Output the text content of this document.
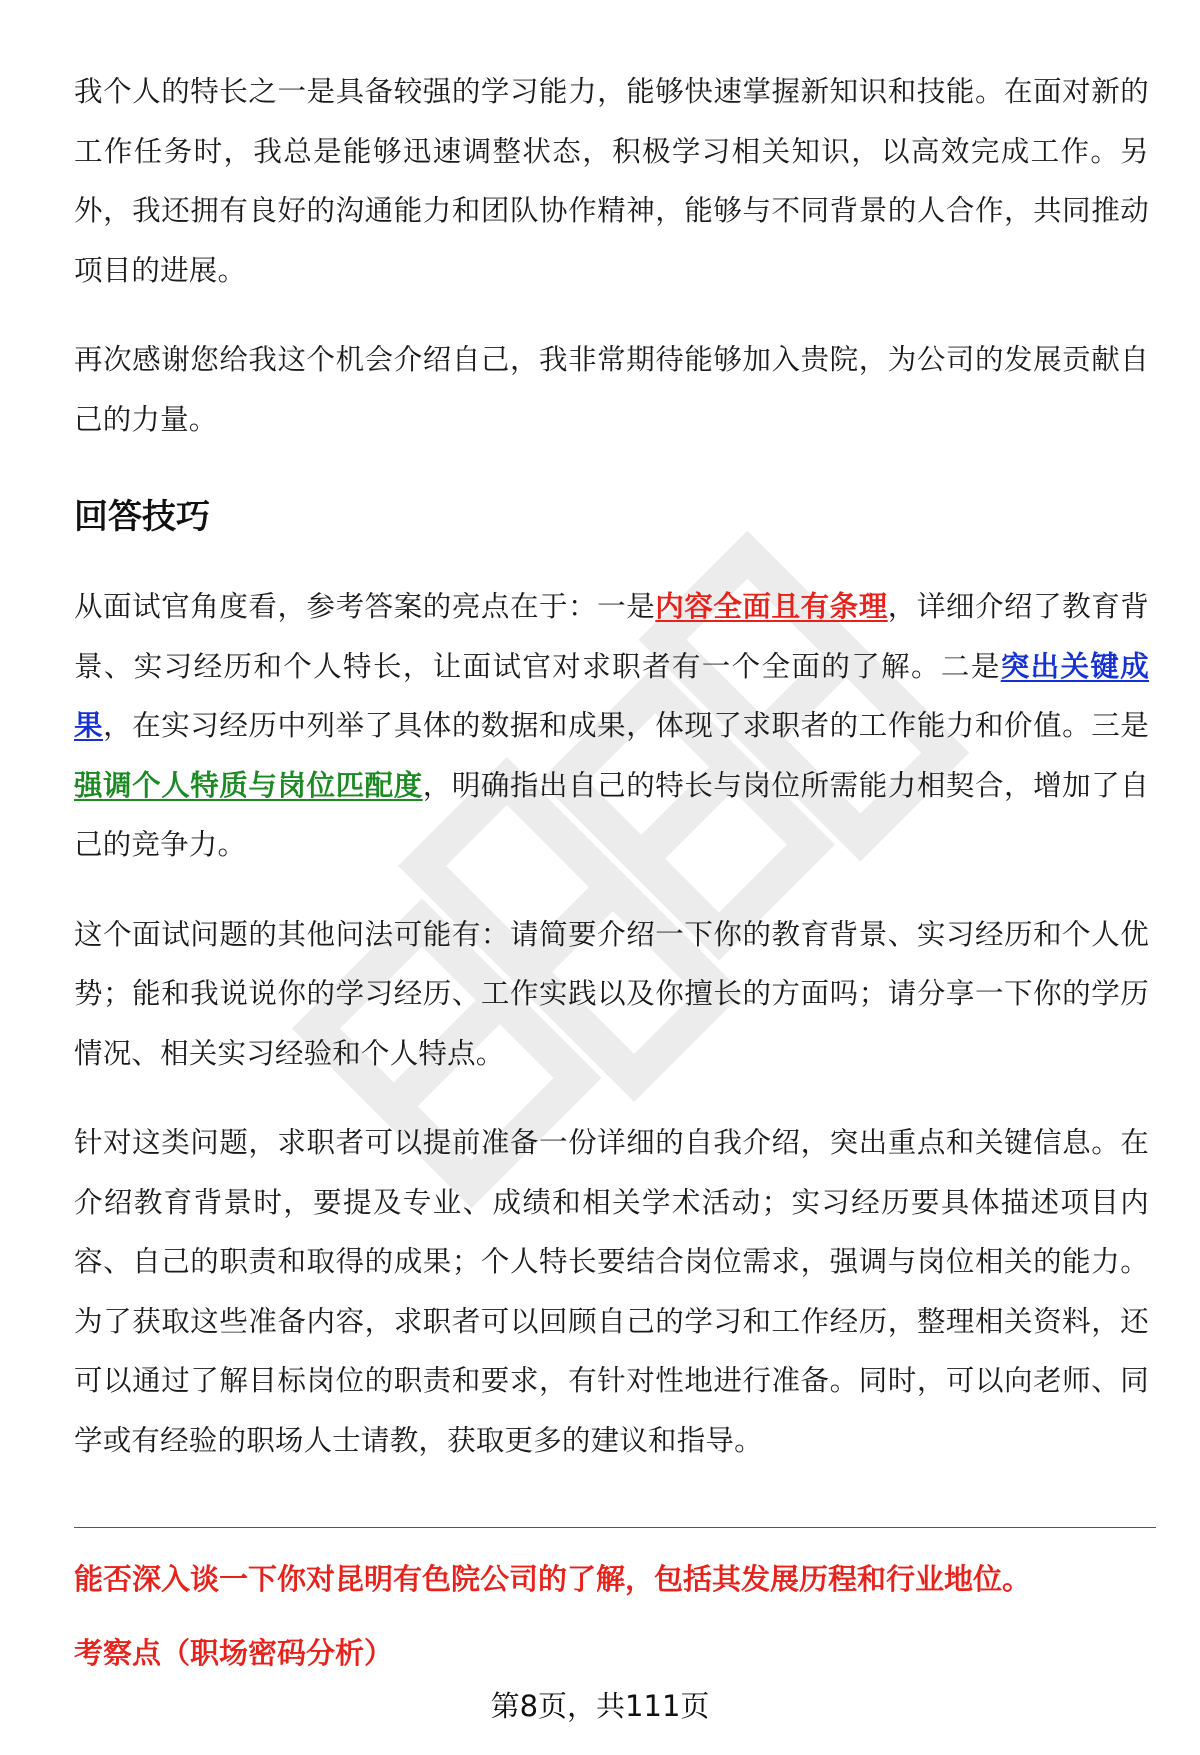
我个人的特长之一是具备较强的学习能力，能够快速掌握新知识和技能。在面对新的工作任务时，我总是能够迅速调整状态，积极学习相关知识，以高效完成工作。另外，我还拥有良好的沟通能力和团队协作精神，能够与不同背景的人合作，共同推动项目的进展。

再次感谢您给我这个机会介绍自己，我非常期待能够加入贵院，为公司的发展贡献自己的力量。

回答技巧

从面试官角度看，参考答案的亮点在于：一是内容全面且有条理，详细介绍了教育背景、实习经历和个人特长，让面试官对求职者有一个全面的了解。二是突出关键成果，在实习经历中列举了具体的数据和成果，体现了求职者的工作能力和价值。三是强调个人特质与岗位匹配度，明确指出自己的特长与岗位所需能力相契合，增加了自己的竞争力。

这个面试问题的其他问法可能有：请简要介绍一下你的教育背景、实习经历和个人优势；能和我说说你的学习经历、工作实践以及你擅长的方面吗；请分享一下你的学历情况、相关实习经验和个人特点。

针对这类问题，求职者可以提前准备一份详细的自我介绍，突出重点和关键信息。在介绍教育背景时，要提及专业、成绩和相关学术活动；实习经历要具体描述项目内容、自己的职责和取得的成果；个人特长要结合岗位需求，强调与岗位相关的能力。为了获取这些准备内容，求职者可以回顾自己的学习和工作经历，整理相关资料，还可以通过了解目标岗位的职责和要求，有针对性地进行准备。同时，可以向老师、同学或有经验的职场人士请教，获取更多的建议和指导。

能否深入谈一下你对昆明有色院公司的了解，包括其发展历程和行业地位。

考察点（职场密码分析）

第8页，共111页
